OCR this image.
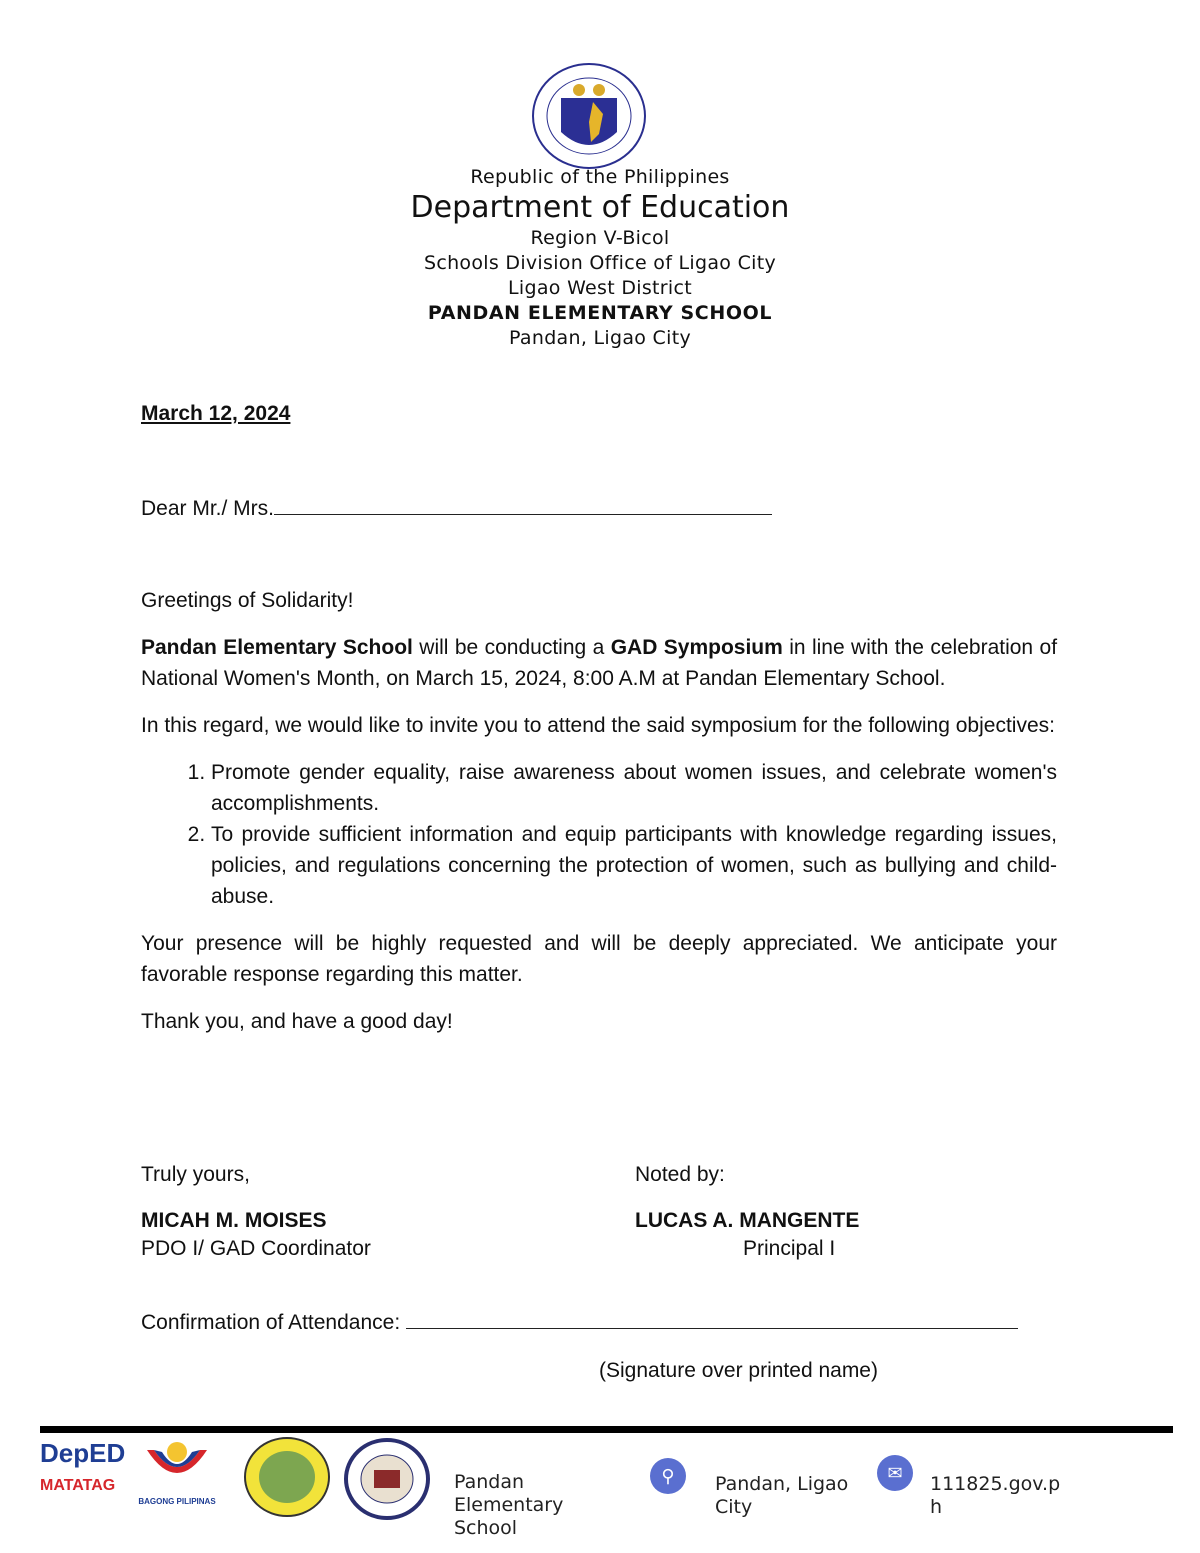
Republic of the Philippines
Department of Education
Region V-Bicol
Schools Division Office of Ligao City
Ligao West District
PANDAN ELEMENTARY SCHOOL
Pandan, Ligao City
March 12, 2024
Dear Mr./ Mrs.

Greetings of Solidarity!

Pandan Elementary School will be conducting a GAD Symposium in line with the celebration of National Women's Month, on March 15, 2024, 8:00 A.M at Pandan Elementary School.

In this regard, we would like to invite you to attend the said symposium for the following objectives:

1. Promote gender equality, raise awareness about women issues, and celebrate women's accomplishments.
2. To provide sufficient information and equip participants with knowledge regarding issues, policies, and regulations concerning the protection of women, such as bullying and child-abuse.

Your presence will be highly requested and will be deeply appreciated. We anticipate your favorable response regarding this matter.

Thank you, and have a good day!

Truly yours,
MICAH M. MOISES
PDO I/ GAD Coordinator
Noted by:
LUCAS A. MANGENTE
Principal I
Confirmation of Attendance:
(Signature over printed name)
DepED
MATATAG
BAGONG PILIPINAS
Pandan Elementary School
⚲	Pandan, Ligao City
✉
111825.gov.ph
